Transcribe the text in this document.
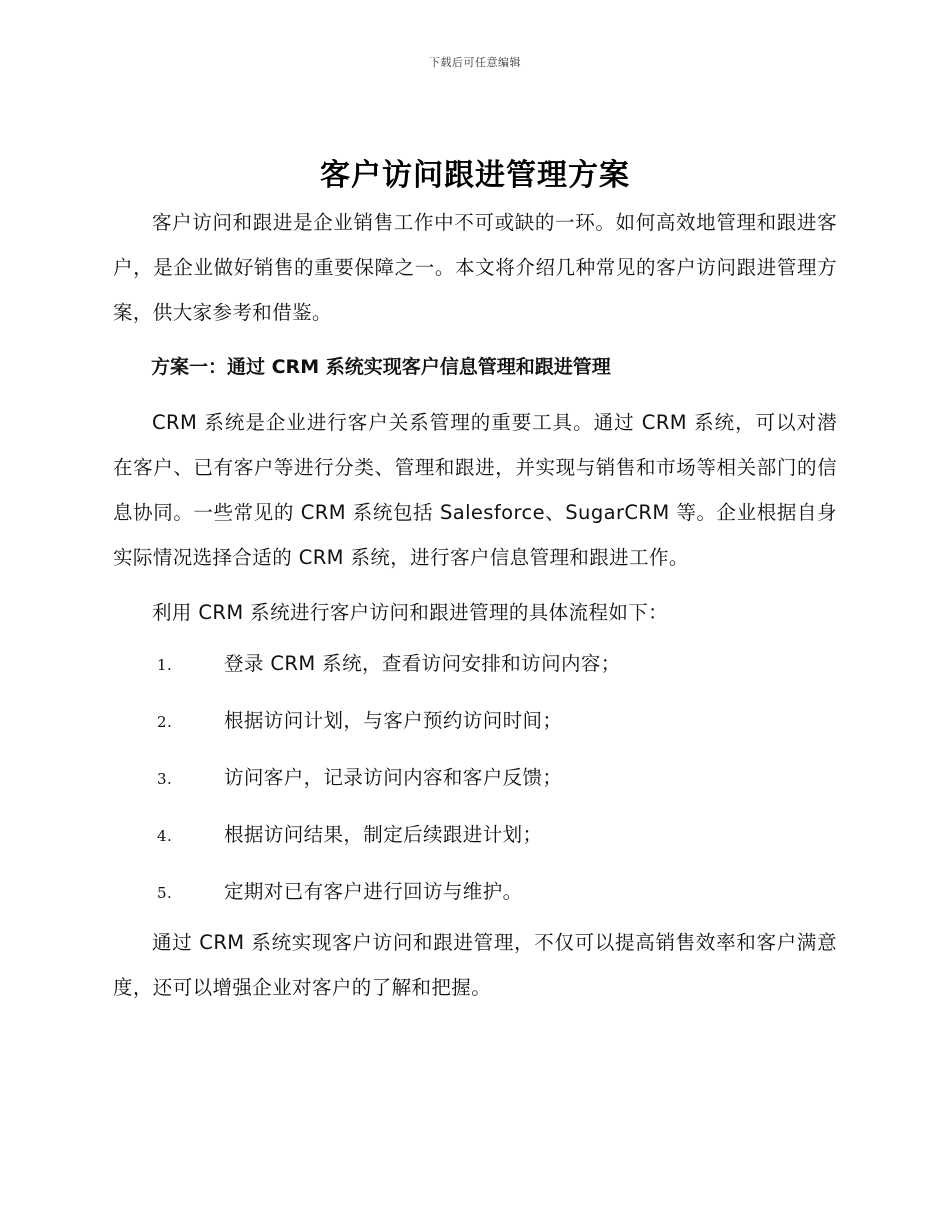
下载后可任意编辑
客户访问跟进管理方案

客户访问和跟进是企业销售工作中不可或缺的一环。如何高效地管理和跟进客户，是企业做好销售的重要保障之一。本文将介绍几种常见的客户访问跟进管理方案，供大家参考和借鉴。

方案一：通过 CRM 系统实现客户信息管理和跟进管理

CRM 系统是企业进行客户关系管理的重要工具。通过 CRM 系统，可以对潜在客户、已有客户等进行分类、管理和跟进，并实现与销售和市场等相关部门的信息协同。一些常见的 CRM 系统包括 Salesforce、SugarCRM 等。企业根据自身实际情况选择合适的 CRM 系统，进行客户信息管理和跟进工作。

利用 CRM 系统进行客户访问和跟进管理的具体流程如下：

1.	登录 CRM 系统，查看访问安排和访问内容；
2.	根据访问计划，与客户预约访问时间；
3.	访问客户，记录访问内容和客户反馈；
4.	根据访问结果，制定后续跟进计划；
5.	定期对已有客户进行回访与维护。

通过 CRM 系统实现客户访问和跟进管理，不仅可以提高销售效率和客户满意度，还可以增强企业对客户的了解和把握。
